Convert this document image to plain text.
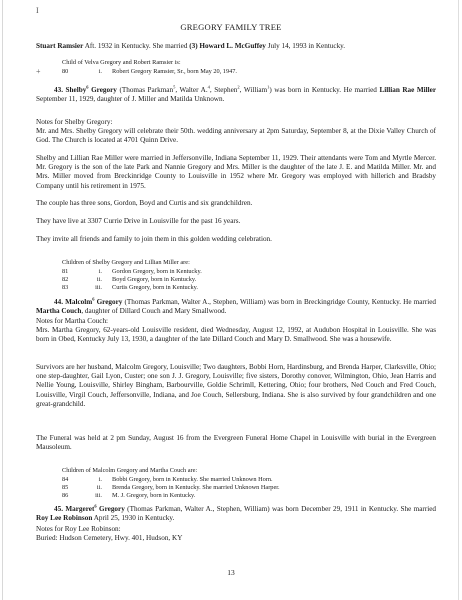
I
GREGORY FAMILY TREE

Stuart Ramsier Aft. 1932 in Kentucky. She married (3) Howard L. McGuffey July 14, 1993 in Kentucky.

Child of Velva Gregory and Robert Ramsier is:
+	80	i. Robert Gregory Ramsier, Sr., born May 20, 1947.

43. Shelby$^6$ Gregory (Thomas Parkman$^5$, Walter A.$^4$, Stephen$^2$, William$^1$) was born in Kentucky. He married Lillian Rae Miller September 11, 1929, daughter of J. Miller and Matilda Unknown.

Notes for Shelby Gregory:

Mr. and Mrs. Shelby Gregory will celebrate their 50th. wedding anniversary at 2pm Saturday, September 8, at the Dixie Valley Church of God. The Church is located at 4701 Quinn Drive.

Shelby and Lillian Rae Miller were married in Jeffersonville, Indiana September 11, 1929. Their attendants were Tom and Myrtle Mercer. Mr. Gregory is the son of the late Park and Nannie Gregory and Mrs. Miller is the daughter of the late J. E. and Matilda Miller. Mr. and Mrs. Miller moved from Breckinridge County to Louisville in 1952 where Mr. Gregory was employed with hillerich and Bradsby Company until his retirement in 1975.
The couple has three sons, Gordon, Boyd and Curtis and six grandchildren.
They have live at 3307 Currie Drive in Louisville for the past 16 years.
They invite all friends and family to join them in this golden wedding celebration.
Children of Shelby Gregory and Lillian Miller are:
81	i. Gordon Gregory, born in Kentucky.
82	ii. Boyd Gregory, born in Kentucky.
83	iii. Curtis Gregory, born in Kentucky.

44. Malcolm$^6$ Gregory (Thomas Parkman, Walter A., Stephen, William) was born in Breckingridge County, Kentucky. He married Martha Couch, daughter of Dillard Couch and Mary Smallwood.

Notes for Martha Couch:

Mrs. Martha Gregory, 62-years-old Louisville resident, died Wednesday, August 12, 1992, at Audubon Hospital in Louisville. She was born in Obed, Kentucky July 13, 1930, a daughter of the late Dillard Couch and Mary D. Smallwood. She was a housewife.

Survivors are her husband, Malcolm Gregory, Louisville; Two daughters, Bobbi Horn, Hardinsburg, and Brenda Harper, Clarksville, Ohio; one step-daughter, Gail Lyon, Custer; one son J. J. Gregory, Louisville; five sisters, Dorothy conover, Wilmington, Ohio, Jean Harris and Nellie Young, Louisville, Shirley Bingham, Barbourville, Goldie Schrimll, Kettering, Ohio; four brothers, Ned Couch and Fred Couch, Louisville, Virgil Couch, Jeffersonville, Indiana, and Joe Couch, Sellersburg, Indiana. She is also survived by four grandchildren and one great-grandchild.
The Funeral was held at 2 pm Sunday, August 16 from the Evergreen Funeral Home Chapel in Louisville with burial in the Evergreen Mausoleum.
Children of Malcolm Gregory and Martha Couch are:
84	i. Bobbi Gregory, born in Kentucky. She married Unknown Horn.
85	ii. Brenda Gregory, born in Kentucky. She married Unknown Harper.
86	iii. M. J. Gregory, born in Kentucky.

45. Margeret$^6$ Gregory (Thomas Parkman, Walter A., Stephen, William) was born December 29, 1911 in Kentucky. She married Roy Lee Robinson April 25, 1930 in Kentucky.

Notes for Roy Lee Robinson:

Buried: Hudson Cemetery, Hwy. 401, Hudson, KY

13
